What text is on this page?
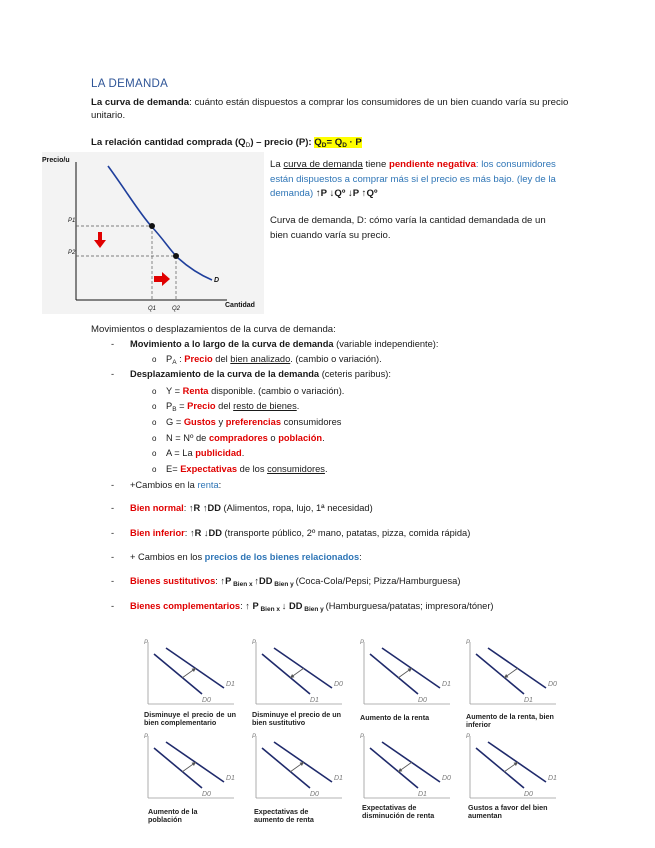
LA DEMANDA
La curva de demanda: cuánto están dispuestos a comprar los consumidores de un bien cuando varía su precio unitario.
La relación cantidad comprada $(Q_D)$ – precio (P): $Q_D= Q_D \cdot P$
Precio/u
Cantidad
P1
P2
Q1	Q2
D
La curva de demanda tiene pendiente negativa: los consumidores están dispuestos a comprar más si el precio es más bajo. (ley de la demanda) ↑P ↓Qº ↓P ↑Qº
Curva de demanda, D: cómo varía la cantidad demandada de un bien cuando varía su precio.
Movimientos o desplazamientos de la curva de demanda:
- Movimiento a lo largo de la curva de demanda (variable independiente):
o $P_A$ : Precio del bien analizado. (cambio o variación).
- Desplazamiento de la curva de la demanda (ceteris paribus):
o Y = Renta disponible. (cambio o variación).
o $P_B$ = Precio del resto de bienes.
o G = Gustos y preferencias consumidores
o N = Nº de compradores o población.
o A = La publicidad.
o E= Expectativas de los consumidores.
- +Cambios en la renta:
- Bien normal: ↑R ↑DD (Alimentos, ropa, lujo, 1ª necesidad)
- Bien inferior: ↑R ↓DD (transporte público, 2º mano, patatas, pizza, comida rápida)
- + Cambios en los precios de los bienes relacionados:
- Bienes sustitutivos: ↑P $_{Bien x}$ ↑DD $_{Bien y}$ (Coca-Cola/Pepsi; Pizza/Hamburguesa)
- Bienes complementarios: ↑ P $_{Bien x}$ ↓ DD $_{Bien y}$ (Hamburguesa/patatas; impresora/tóner)
P
D1
D0
P
D0
D1
P
D1
D0
P
D0
D1
P
D1
D0
P
D1
D0
P
D0
D1
P
D1
D0
Disminuye el precio de un bien complementario
Disminuye el precio de un bien sustitutivo
Aumento de la renta	Aumento de la renta, bien inferior
Aumento de la población
Expectativas de aumento de renta
Expectativas de disminución de renta
Gustos a favor del bien aumentan
